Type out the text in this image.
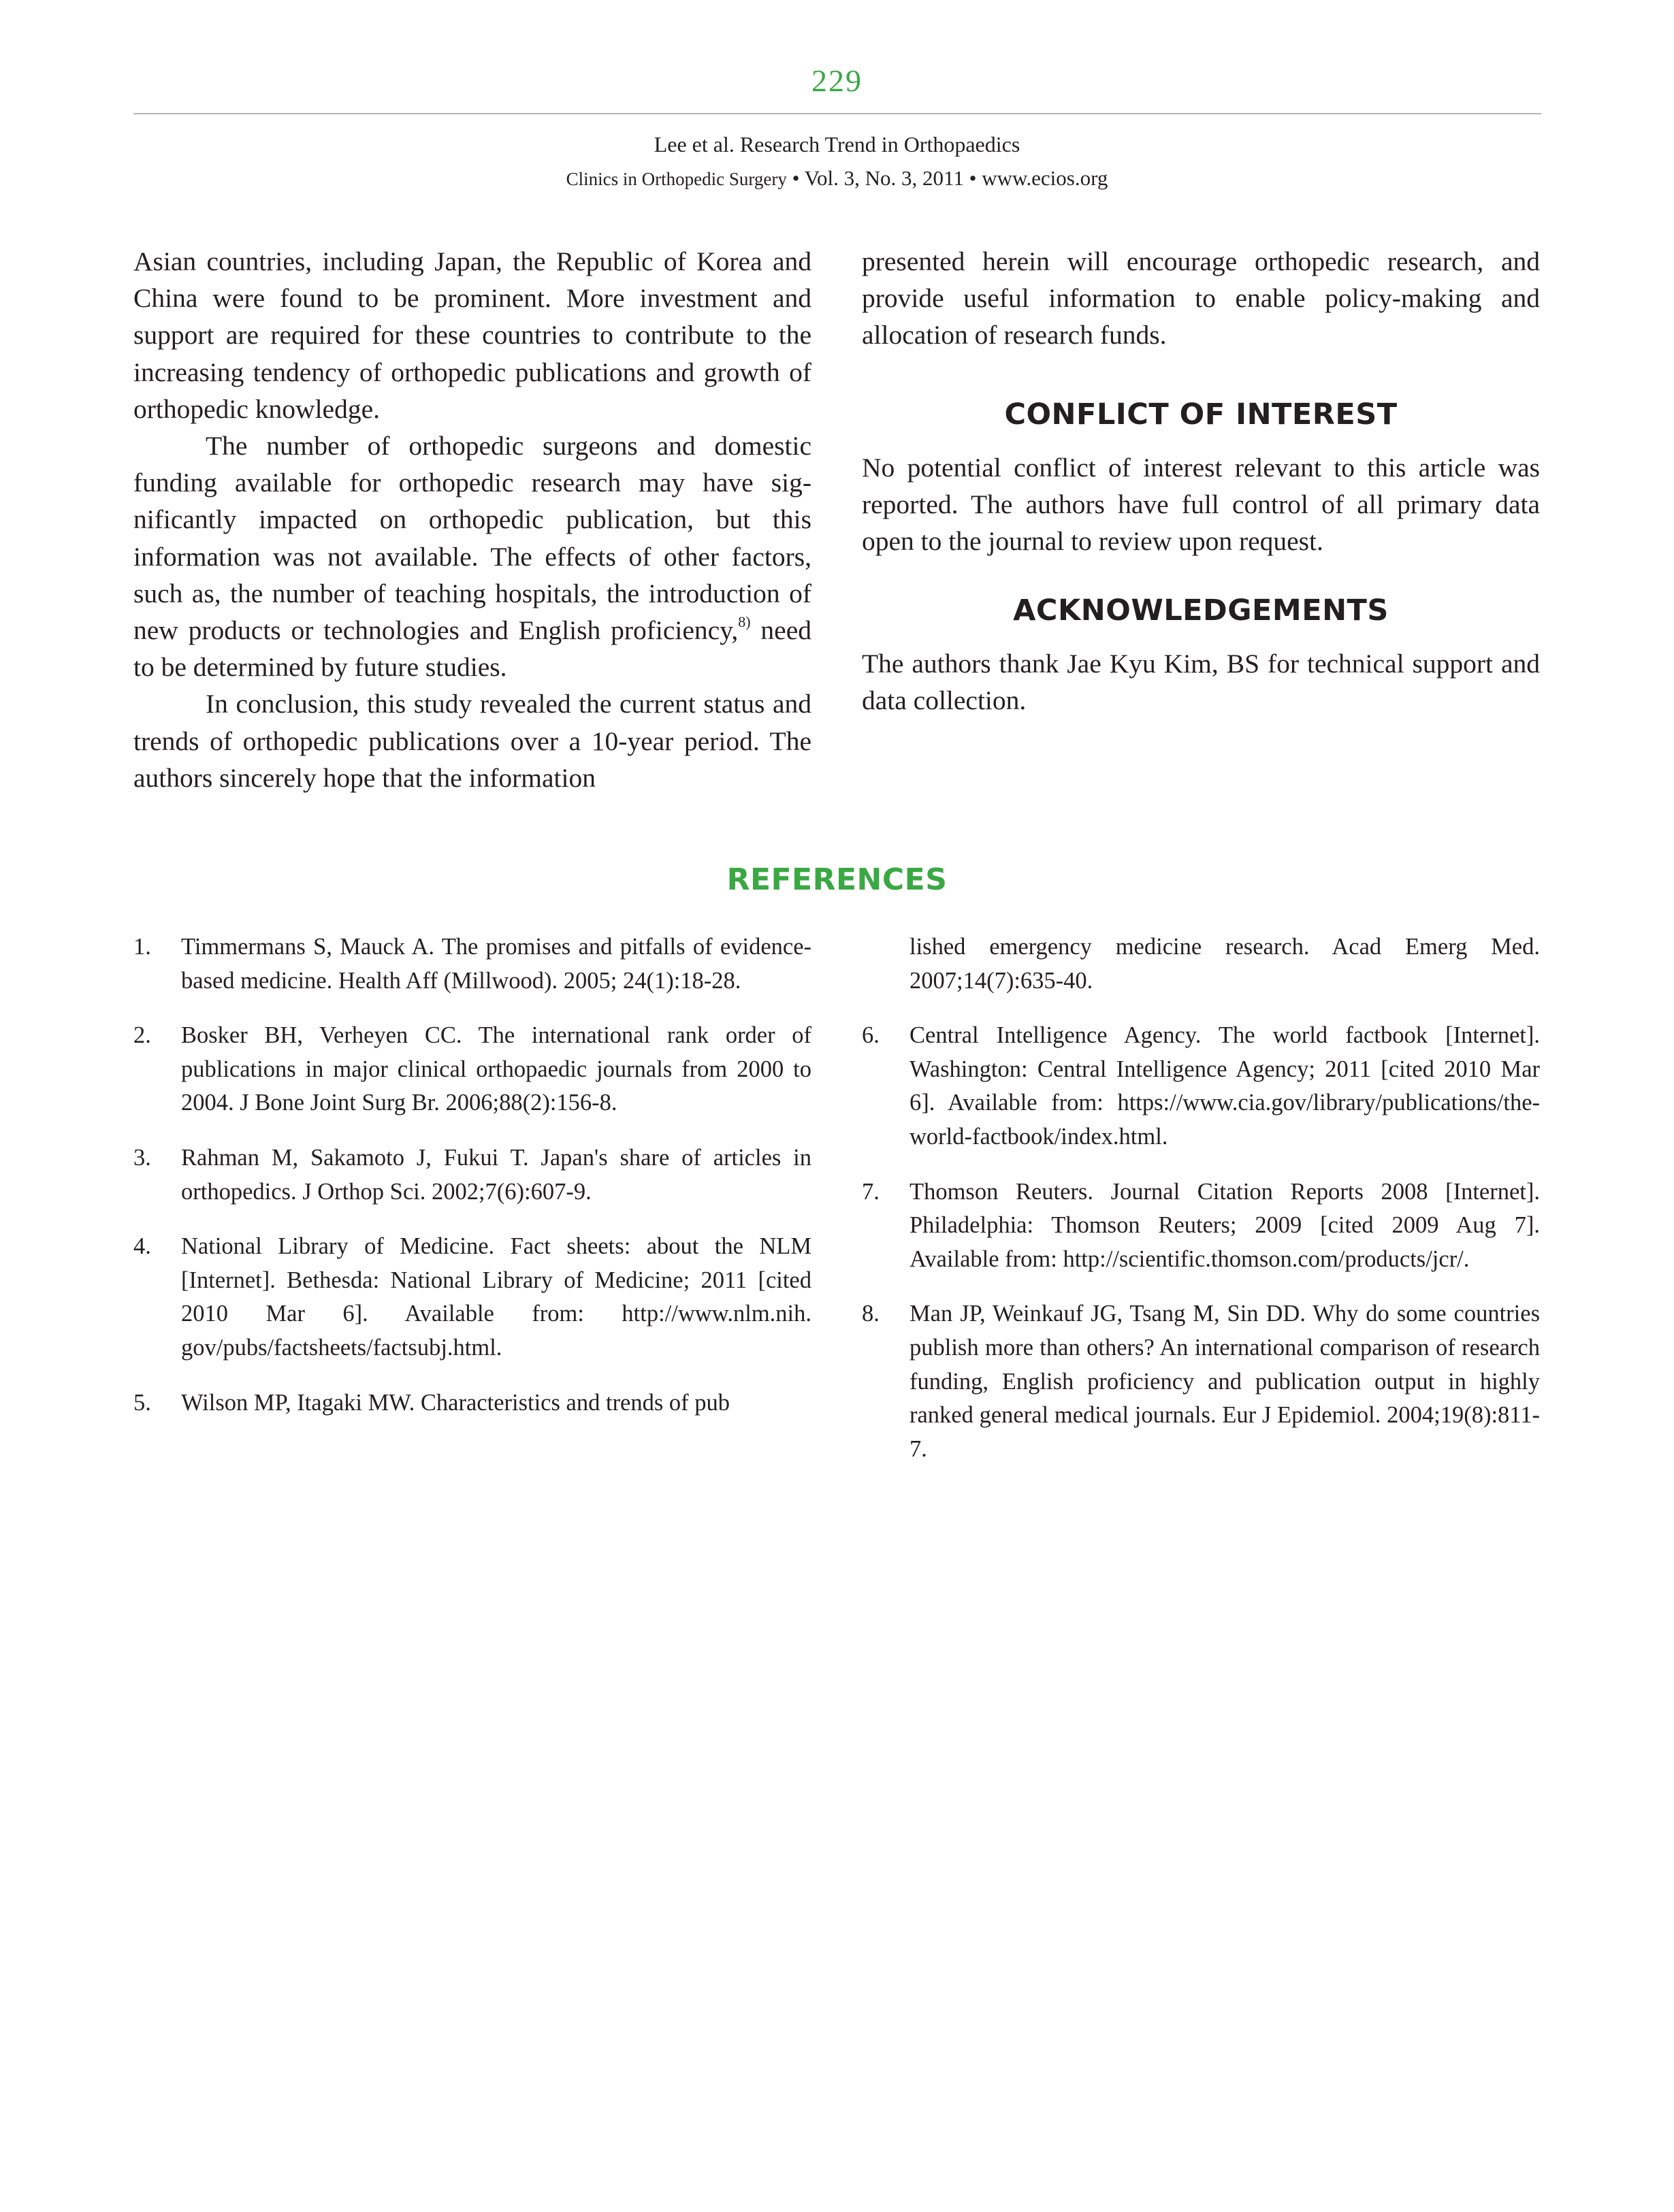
229
Lee et al. Research Trend in Orthopaedics
Clinics in Orthopedic Surgery • Vol. 3, No. 3, 2011 • www.ecios.org

Asian countries, including Japan, the Republic of Korea and China were found to be prominent. More investment and support are required for these countries to contribute to the increasing tendency of orthopedic publications and growth of orthopedic knowledge.

The number of orthopedic surgeons and domestic funding available for orthopedic research may have significantly impacted on orthopedic publication, but this information was not available. The effects of other factors, such as, the number of teaching hospitals, the introduction of new products or technologies and English proficiency,$^{8)}$ need to be determined by future studies.

In conclusion, this study revealed the current status and trends of orthopedic publications over a 10-year period. The authors sincerely hope that the information

presented herein will encourage orthopedic research, and provide useful information to enable policy-making and allocation of research funds.

CONFLICT OF INTEREST

No potential conflict of interest relevant to this article was reported. The authors have full control of all primary data open to the journal to review upon request.

ACKNOWLEDGEMENTS

The authors thank Jae Kyu Kim, BS for technical support and data collection.

REFERENCES
1. Timmermans S, Mauck A. The promises and pitfalls of evidence-based medicine. Health Aff (Millwood). 2005; 24(1):18-28.
2. Bosker BH, Verheyen CC. The international rank order of publications in major clinical orthopaedic journals from 2000 to 2004. J Bone Joint Surg Br. 2006;88(2):156-8.
3. Rahman M, Sakamoto J, Fukui T. Japan's share of articles in orthopedics. J Orthop Sci. 2002;7(6):607-9.
4. National Library of Medicine. Fact sheets: about the NLM [Internet]. Bethesda: National Library of Medicine; 2011 [cited 2010 Mar 6]. Available from: http://www.nlm.nih. gov/pubs/factsheets/factsubj.html.
5. Wilson MP, Itagaki MW. Characteristics and trends of pub
lished emergency medicine research. Acad Emerg Med. 2007;14(7):635-40.
6. Central Intelligence Agency. The world factbook [Internet]. Washington: Central Intelligence Agency; 2011 [cited 2010 Mar 6]. Available from: https://www.cia.gov/library/publications/the-world-factbook/index.html.
7. Thomson Reuters. Journal Citation Reports 2008 [Internet]. Philadelphia: Thomson Reuters; 2009 [cited 2009 Aug 7]. Available from: http://scientific.thomson.com/products/jcr/.
8. Man JP, Weinkauf JG, Tsang M, Sin DD. Why do some countries publish more than others? An international comparison of research funding, English proficiency and publication output in highly ranked general medical journals. Eur J Epidemiol. 2004;19(8):811-7.
